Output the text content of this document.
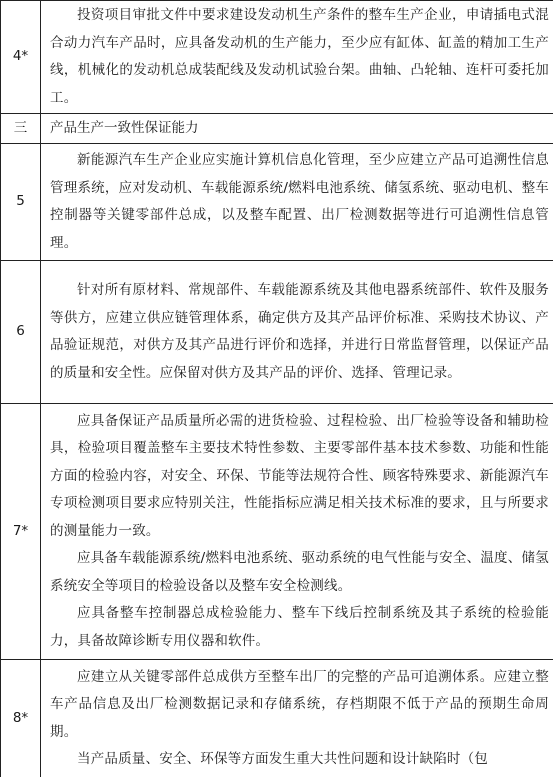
4*	投资项目审批文件中要求建设发动机生产条件的整车生产企业，申请插电式混合动力汽车产品时，应具备发动机的生产能力，至少应有缸体、缸盖的精加工生产线，机械化的发动机总成装配线及发动机试验台架。曲轴、凸轮轴、连杆可委托加工。

三	产品生产一致性保证能力
5	新能源汽车生产企业应实施计算机信息化管理，至少应建立产品可追溯性信息管理系统，应对发动机、车载能源系统/燃料电池系统、储氢系统、驱动电机、整车控制器等关键零部件总成，以及整车配置、出厂检测数据等进行可追溯性信息管理。

6	针对所有原材料、常规部件、车载能源系统及其他电器系统部件、软件及服务等供方，应建立供应链管理体系，确定供方及其产品评价标准、采购技术协议、产品验证规范，对供方及其产品进行评价和选择，并进行日常监督管理，以保证产品的质量和安全性。应保留对供方及其产品的评价、选择、管理记录。

7*	应具备保证产品质量所必需的进货检验、过程检验、出厂检验等设备和辅助检具，检验项目覆盖整车主要技术特性参数、主要零部件基本技术参数、功能和性能方面的检验内容，对安全、环保、节能等法规符合性、顾客特殊要求、新能源汽车专项检测项目要求应特别关注，性能指标应满足相关技术标准的要求，且与所要求的测量能力一致。

应具备车载能源系统/燃料电池系统、驱动系统的电气性能与安全、温度、储氢系统安全等项目的检验设备以及整车安全检测线。

应具备整车控制器总成检验能力、整车下线后控制系统及其子系统的检验能力，具备故障诊断专用仪器和软件。

8*	应建立从关键零部件总成供方至整车出厂的完整的产品可追溯体系。应建立整车产品信息及出厂检测数据记录和存储系统，存档期限不低于产品的预期生命周期。

当产品质量、安全、环保等方面发生重大共性问题和设计缺陷时（包
